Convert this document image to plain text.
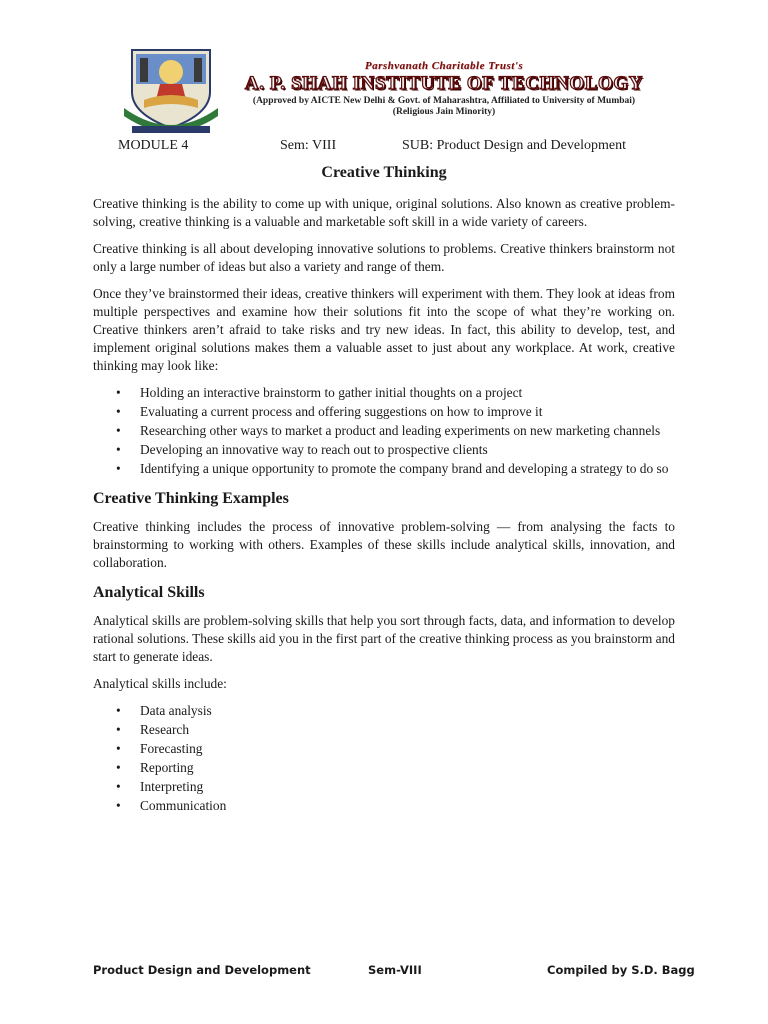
Parshvanath Charitable Trust's
A. P. SHAH INSTITUTE OF TECHNOLOGY
(Approved by AICTE New Delhi & Govt. of Maharashtra, Affiliated to University of Mumbai)
(Religious Jain Minority)
MODULE 4	Sem: VIII	SUB: Product Design and Development
Creative Thinking

Creative thinking is the ability to come up with unique, original solutions. Also known as creative problem-solving, creative thinking is a valuable and marketable soft skill in a wide variety of careers.

Creative thinking is all about developing innovative solutions to problems. Creative thinkers brainstorm not only a large number of ideas but also a variety and range of them.

Once they’ve brainstormed their ideas, creative thinkers will experiment with them. They look at ideas from multiple perspectives and examine how their solutions fit into the scope of what they’re working on. Creative thinkers aren’t afraid to take risks and try new ideas. In fact, this ability to develop, test, and implement original solutions makes them a valuable asset to just about any workplace. At work, creative thinking may look like:

• Holding an interactive brainstorm to gather initial thoughts on a project
• Evaluating a current process and offering suggestions on how to improve it
• Researching other ways to market a product and leading experiments on new marketing channels
• Developing an innovative way to reach out to prospective clients
• Identifying a unique opportunity to promote the company brand and developing a strategy to do so
Creative Thinking Examples

Creative thinking includes the process of innovative problem-solving — from analysing the facts to brainstorming to working with others. Examples of these skills include analytical skills, innovation, and collaboration.

Analytical Skills

Analytical skills are problem-solving skills that help you sort through facts, data, and information to develop rational solutions. These skills aid you in the first part of the creative thinking process as you brainstorm and start to generate ideas.

Analytical skills include:

• Data analysis
• Research
• Forecasting
• Reporting
• Interpreting
• Communication
Product Design and Development	Sem-VIII	Compiled by S.D. Bagg
